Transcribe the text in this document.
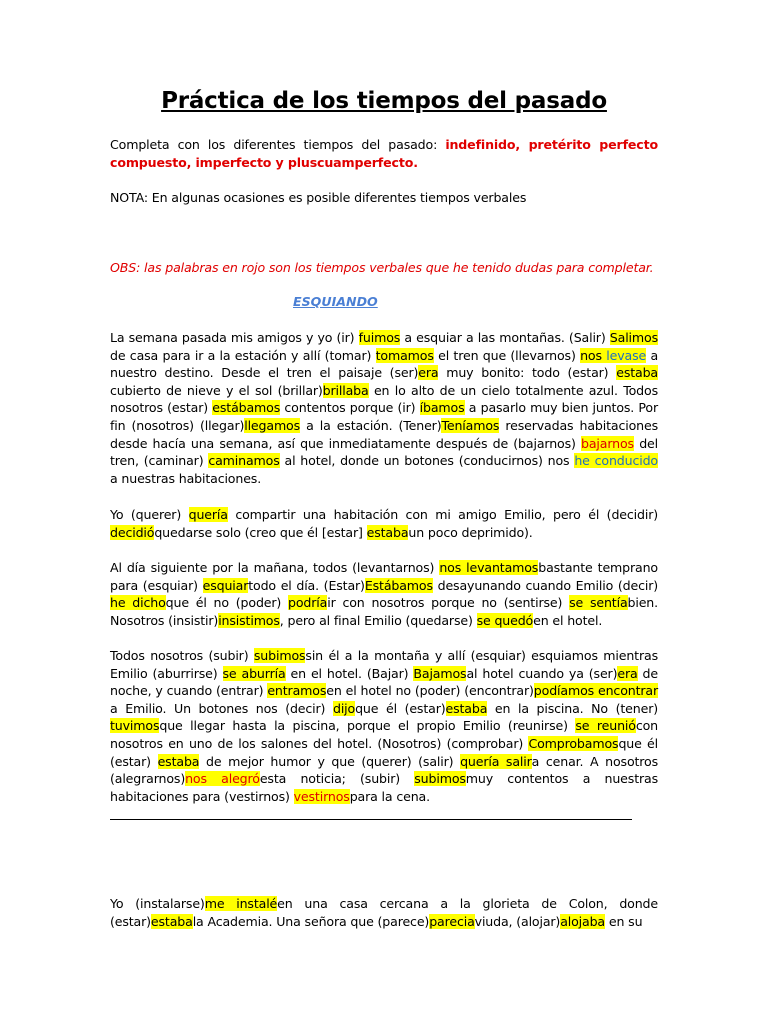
Práctica de los tiempos del pasado
Completa con los diferentes tiempos del pasado: indefinido, pretérito perfecto compuesto, imperfecto y pluscuamperfecto.
NOTA: En algunas ocasiones es posible diferentes tiempos verbales
OBS: las palabras en rojo son los tiempos verbales que he tenido dudas para completar.
ESQUIANDO
La semana pasada mis amigos y yo (ir) fuimos a esquiar a las montañas. (Salir) Salimos de casa para ir a la estación y allí (tomar) tomamos el tren que (llevarnos) nos levase a nuestro destino. Desde el tren el paisaje (ser)era muy bonito: todo (estar) estaba cubierto de nieve y el sol (brillar)brillaba en lo alto de un cielo totalmente azul. Todos nosotros (estar) estábamos contentos porque (ir) íbamos a pasarlo muy bien juntos. Por fin (nosotros) (llegar)llegamos a la estación. (Tener)Teníamos reservadas habitaciones desde hacía una semana, así que inmediatamente después de (bajarnos) bajarnos del tren, (caminar) caminamos al hotel, donde un botones (conducirnos) nos he conducido a nuestras habitaciones.
Yo (querer) quería compartir una habitación con mi amigo Emilio, pero él (decidir) decidióquedarse solo (creo que él [estar] estabaun poco deprimido).
Al día siguiente por la mañana, todos (levantarnos) nos levantamosbastante temprano para (esquiar) esquiartodo el día. (Estar)Estábamos desayunando cuando Emilio (decir) he dichoque él no (poder) podríair con nosotros porque no (sentirse) se sentíabien. Nosotros (insistir)insistimos, pero al final Emilio (quedarse) se quedóen el hotel.
Todos nosotros (subir) subimossin él a la montaña y allí (esquiar) esquiamos mientras Emilio (aburrirse) se aburría en el hotel. (Bajar) Bajamosal hotel cuando ya (ser)era de noche, y cuando (entrar) entramosen el hotel no (poder) (encontrar)podíamos encontrar a Emilio. Un botones nos (decir) dijoque él (estar)estaba en la piscina. No (tener) tuvimosque llegar hasta la piscina, porque el propio Emilio (reunirse) se reuniócon nosotros en uno de los salones del hotel. (Nosotros) (comprobar) Comprobamosque él (estar) estaba de mejor humor y que (querer) (salir) quería salira cenar. A nosotros (alegrarnos)nos alegróesta noticia; (subir) subimosmuy contentos a nuestras habitaciones para (vestirnos) vestirnospara la cena.
Yo (instalarse)me instaléen una casa cercana a la glorieta de Colon, donde (estar)estabala Academia. Una señora que (parece)pareciaviuda, (alojar)alojaba en su
